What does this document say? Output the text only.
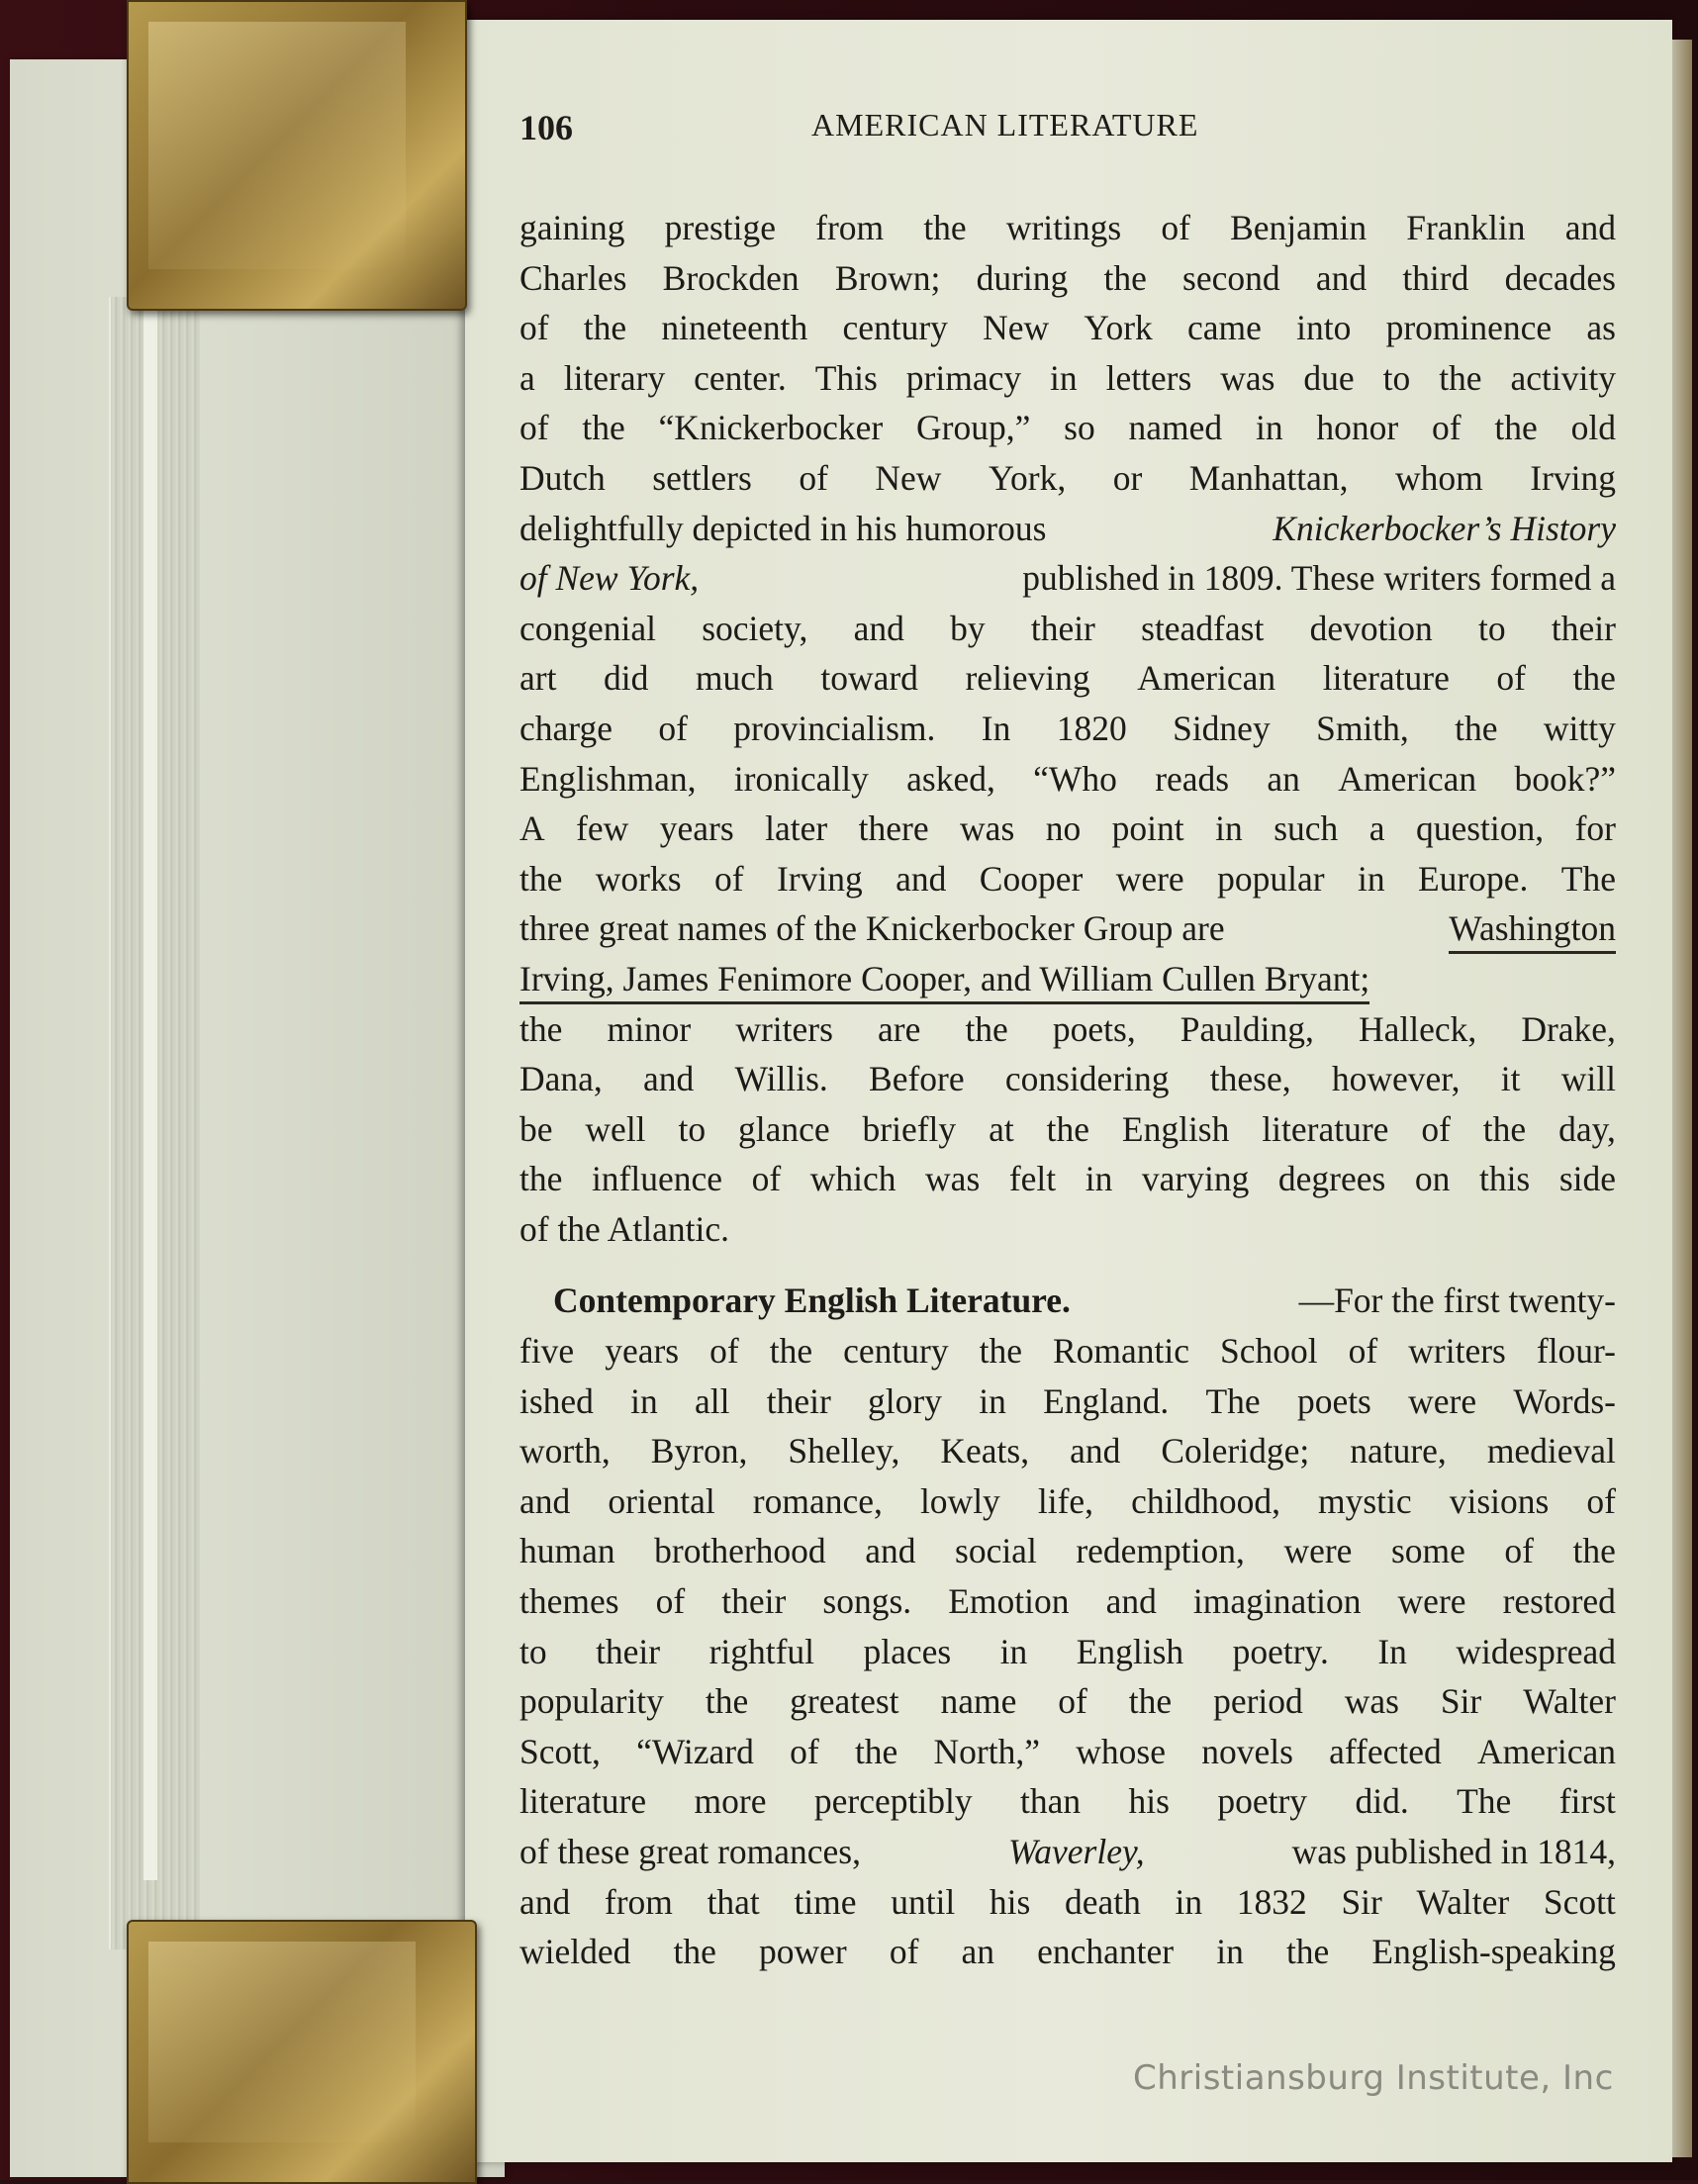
106	AMERICAN LITERATURE
gaining prestige from the writings of Benjamin Franklin and
Charles Brockden Brown; during the second and third decades
of the nineteenth century New York came into prominence as
a literary center. This primacy in letters was due to the activity
of the “Knickerbocker Group,” so named in honor of the old
Dutch settlers of New York, or Manhattan, whom Irving
delightfully depicted in his humorous	Knickerbocker’s History
of New York,	published in 1809. These writers formed a
congenial society, and by their steadfast devotion to their
art did much toward relieving American literature of the
charge of provincialism. In 1820 Sidney Smith, the witty
Englishman, ironically asked, “Who reads an American book?”
A few years later there was no point in such a question, for
the works of Irving and Cooper were popular in Europe. The
three great names of the Knickerbocker Group are	Washington
Irving, James Fenimore Cooper, and William Cullen Bryant;
the minor writers are the poets, Paulding, Halleck, Drake,
Dana, and Willis. Before considering these, however, it will
be well to glance briefly at the English literature of the day,
the influence of which was felt in varying degrees on this side
of the Atlantic.
Contemporary English Literature.	—For the first twenty-
five years of the century the Romantic School of writers flour-
ished in all their glory in England. The poets were Words-
worth, Byron, Shelley, Keats, and Coleridge; nature, medieval
and oriental romance, lowly life, childhood, mystic visions of
human brotherhood and social redemption, were some of the
themes of their songs. Emotion and imagination were restored
to their rightful places in English poetry. In widespread
popularity the greatest name of the period was Sir Walter
Scott, “Wizard of the North,” whose novels affected American
literature more perceptibly than his poetry did. The first
of these great romances,	Waverley,	was published in 1814,
and from that time until his death in 1832 Sir Walter Scott
wielded the power of an enchanter in the English-speaking
Christiansburg Institute, Inc
